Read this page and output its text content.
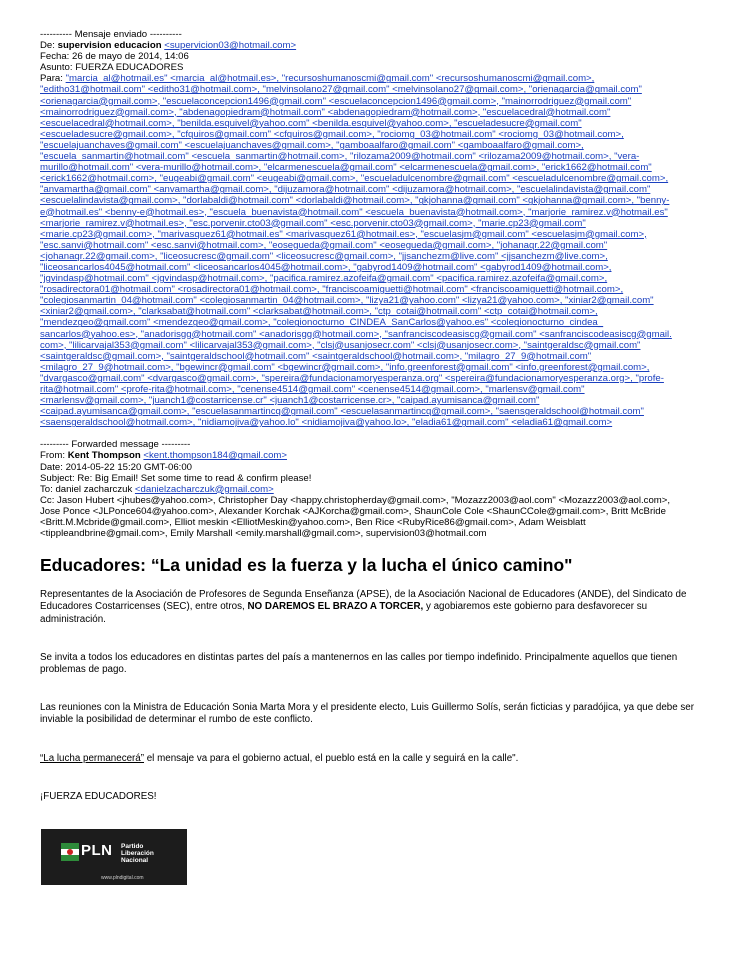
---------- Mensaje enviado ----------
De: supervision educacion <supervicion03@hotmail.com>
Fecha: 26 de mayo de 2014, 14:06
Asunto: FUERZA EDUCADORES
Para: "marcia_al@hotmail.es" <marcia_al@hotmail.es>, "recursoshumanoscmi@gmail.com" <recursoshumanoscmi@gmail.com>,
"editho31@hotmail.com" <editho31@hotmail.com>, "melvinsolano27@gmail.com" <melvinsolano27@gmail.com>, "orienagarcia@gmail.com"
<orienagarcia@gmail.com>, "escuelaconcepcion1496@gmail.com" <escuelaconcepcion1496@gmail.com>, "mainorrodriguez@gmail.com"
<mainorrodriguez@gmail.com>, "abdenagopiedram@hotmail.com" <abdenagopiedram@hotmail.com>, "escuelacedral@hotmail.com"
<escuelacedral@hotmail.com>, "benilda.esquivel@yahoo.com" <benilda.esquivel@yahoo.com>, "escueladesucre@gmail.com"
<escueladesucre@gmail.com>, "cfquiros@gmail.com" <cfquiros@gmail.com>, "rociomg_03@hotmail.com" <rociomg_03@hotmail.com>,
"escuelajuanchaves@gmail.com" <escuelajuanchaves@gmail.com>, "gamboaalfaro@gmail.com" <gamboaalfaro@gmail.com>,
"escuela_sanmartin@hotmail.com" <escuela_sanmartin@hotmail.com>, "rilozama2009@hotmail.com" <rilozama2009@hotmail.com>, "vera-
murillo@hotmail.com" <vera-murillo@hotmail.com>, "elcarmenescuela@gmail.com" <elcarmenescuela@gmail.com>, "erick1662@hotmail.com"
<erick1662@hotmail.com>, "eugeabi@gmail.com" <eugeabi@gmail.com>, "escueladulcenombre@gmail.com" <escueladulcenombre@gmail.com>,
"anvamartha@gmail.com" <anvamartha@gmail.com>, "dijuzamora@hotmail.com" <dijuzamora@hotmail.com>, "escuelalindavista@gmail.com"
<escuelalindavista@gmail.com>, "dorlabaldi@hotmail.com" <dorlabaldi@hotmail.com>, "gkjohanna@gmail.com" <gkjohanna@gmail.com>, "benny-
e@hotmail.es" <benny-e@hotmail.es>, "escuela_buenavista@hotmail.com" <escuela_buenavista@hotmail.com>, "marjorie_ramirez.v@hotmail.es"
<marjorie_ramirez.v@hotmail.es>, "esc.porvenir.cto03@gmail.com" <esc.porvenir.cto03@gmail.com>, "marie.cp23@gmail.com"
<marie.cp23@gmail.com>, "marivasquez61@hotmail.es" <marivasquez61@hotmail.es>, "escuelasjm@gmail.com" <escuelasjm@gmail.com>,
"esc.sanvi@hotmail.com" <esc.sanvi@hotmail.com>, "eosegueda@gmail.com" <eosegueda@gmail.com>, "johanaqr.22@gmail.com"
<johanaqr.22@gmail.com>, "liceosucresc@gmail.com" <liceosucresc@gmail.com>, "jjsanchezm@live.com" <jjsanchezm@live.com>,
"liceosancarlos4045@hotmail.com" <liceosancarlos4045@hotmail.com>, "gabyrod1409@hotmail.com" <gabyrod1409@hotmail.com>,
"jgvindasp@hotmail.com" <jgvindasp@hotmail.com>, "pacifica.ramirez.azofeifa@gmail.com" <pacifica.ramirez.azofeifa@gmail.com>,
"rosadirectora01@hotmail.com" <rosadirectora01@hotmail.com>, "franciscoamiguetti@hotmail.com" <franciscoamiguetti@hotmail.com>,
"colegiosanmartin_04@hotmail.com" <colegiosanmartin_04@hotmail.com>, "lizya21@yahoo.com" <lizya21@yahoo.com>, "xiniar2@gmail.com"
<xiniar2@gmail.com>, "clarksabat@hotmail.com" <clarksabat@hotmail.com>, "ctp_cotai@hotmail.com" <ctp_cotai@hotmail.com>,
"mendezgeo@gmail.com" <mendezgeo@gmail.com>, "colegionocturno_CINDEA_SanCarlos@yahoo.es" <colegionocturno_cindea_
sancarlos@yahoo.es>, "anadorisgg@hotmail.com" <anadorisgg@hotmail.com>, "sanfranciscodeasiscg@gmail.com" <sanfranciscodeasiscg@gmail.
com>, "lilicarvajal353@gmail.com" <lilicarvajal353@gmail.com>, "clsj@usanjosecr.com" <clsj@usanjosecr.com>, "saintgeraldsc@gmail.com"
<saintgeraldsc@gmail.com>, "saintgeraldschool@hotmail.com" <saintgeraldschool@hotmail.com>, "milagro_27_9@hotmail.com"
<milagro_27_9@hotmail.com>, "bgewincr@gmail.com" <bgewincr@gmail.com>, "info.greenforest@gmail.com" <info.greenforest@gmail.com>,
"dvargasco@gmail.com" <dvargasco@gmail.com>, "spereira@fundacionamoryesperanza.org" <spereira@fundacionamoryesperanza.org>, "profe-
rita@hotmail.com" <profe-rita@hotmail.com>, "cenense4514@gmail.com" <cenense4514@gmail.com>, "marlensv@gmail.com"
<marlensv@gmail.com>, "juanch1@costarricense.cr" <juanch1@costarricense.cr>, "caipad.ayumisanca@gmail.com"
<caipad.ayumisanca@gmail.com>, "escuelasanmartincq@gmail.com" <escuelasanmartincq@gmail.com>, "saensgeraldschool@hotmail.com"
<saensgeraldschool@hotmail.com>, "nidiamojiva@yahoo.lo" <nidiamojiva@yahoo.lo>, "eladia61@gmail.com" <eladia61@gmail.com>
--------- Forwarded message ---------
From: Kent Thompson <kent.thompson184@gmail.com>
Date: 2014-05-22 15:20 GMT-06:00
Subject: Re: Big Email! Set some time to read & confirm please!
To: daniel zacharczuk <danielzacharczuk@gmail.com>
Cc: Jason Hubert <jhubes@yahoo.com>, Christopher Day <happy.christopherday@gmail.com>, "Mozazz2003@aol.com" <Mozazz2003@aol.com>,
Jose Ponce <JLPonce604@yahoo.com>, Alexander Korchak <AJKorcha@gmail.com>, ShaunCole Cole <ShaunCCole@gmail.com>, Britt McBride
<Britt.M.Mcbride@gmail.com>, Elliot meskin <ElliotMeskin@yahoo.com>, Ben Rice <RubyRice86@gmail.com>, Adam Weisblatt
<tippleandbrine@gmail.com>, Emily Marshall <emily.marshall@gmail.com>, supervision03@hotmail.com
Educadores: “La unidad es la fuerza y la lucha el único camino"

Representantes de la Asociación de Profesores de Segunda Enseñanza (APSE), de la Asociación Nacional de Educadores (ANDE), del Sindicato de Educadores Costarricenses (SEC), entre otros, NO DAREMOS EL BRAZO A TORCER, y agobiaremos este gobierno para desfavorecer su administración.

Se invita a todos los educadores en distintas partes del país a mantenernos en las calles por tiempo indefinido. Principalmente aquellos que tienen problemas de pago.

Las reuniones con la Ministra de Educación Sonia Marta Mora y el presidente electo, Luis Guillermo Solís, serán ficticias y paradójica, ya que debe ser inviable la posibilidad de determinar el rumbo de este conflicto.

“La lucha permanecerá” el mensaje va para el gobierno actual, el pueblo está en la calle y seguirá en la calle".

¡FUERZA EDUCADORES!

PLN Partido
Liberación
Nacional
www.plndigital.com
